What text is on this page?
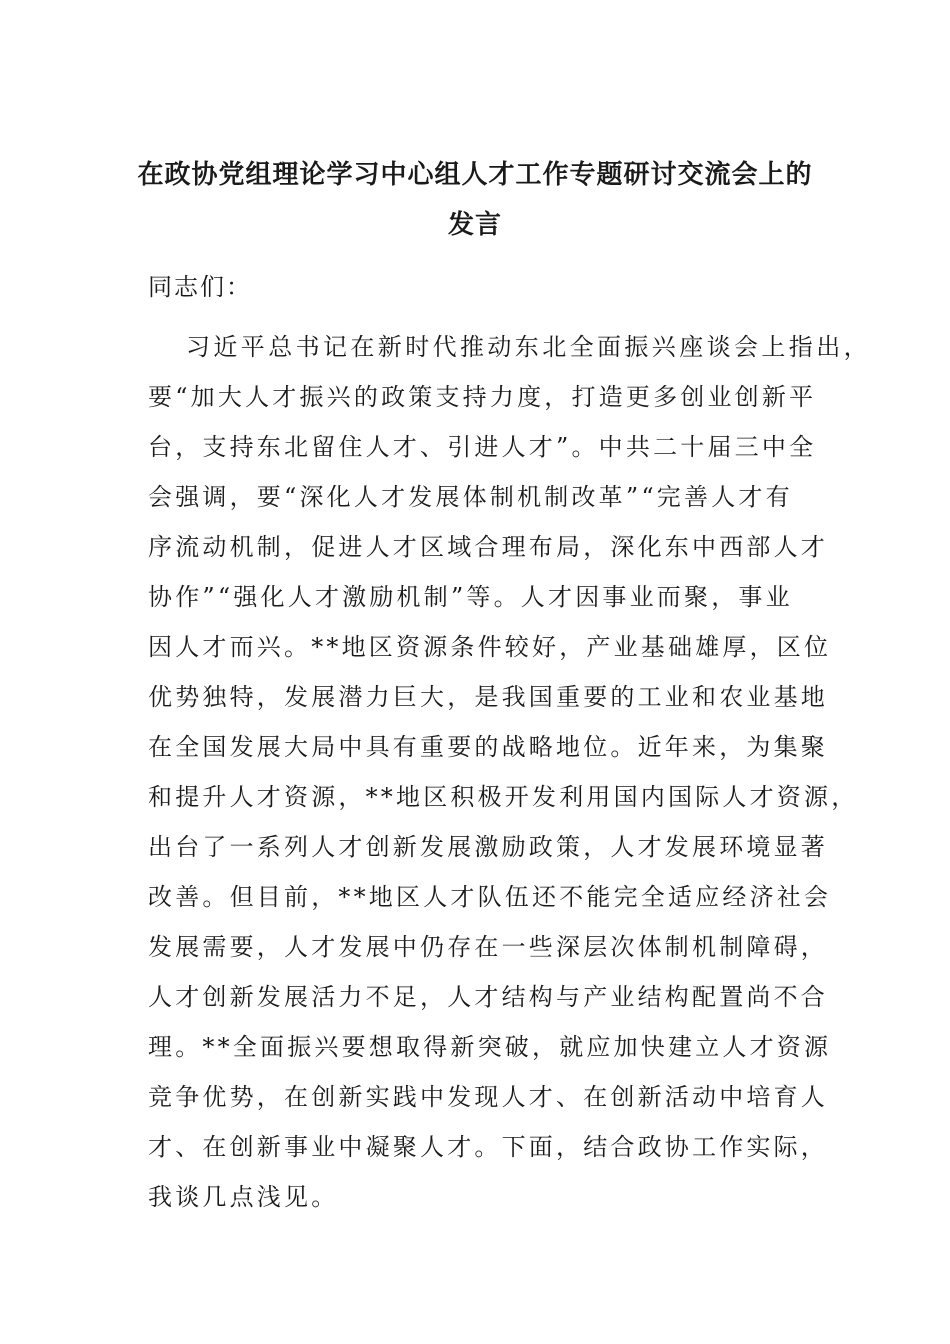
在政协党组理论学习中心组人才工作专题研讨交流会上的
发言
同志们：
习近平总书记在新时代推动东北全面振兴座谈会上指出，
要“加大人才振兴的政策支持力度，打造更多创业创新平
台，支持东北留住人才、引进人才”。中共二十届三中全
会强调，要“深化人才发展体制机制改革”“完善人才有
序流动机制，促进人才区域合理布局，深化东中西部人才
协作”“强化人才激励机制”等。人才因事业而聚，事业
因人才而兴。**地区资源条件较好，产业基础雄厚，区位
优势独特，发展潜力巨大，是我国重要的工业和农业基地
在全国发展大局中具有重要的战略地位。近年来，为集聚
和提升人才资源，**地区积极开发利用国内国际人才资源，
出台了一系列人才创新发展激励政策，人才发展环境显著
改善。但目前，**地区人才队伍还不能完全适应经济社会
发展需要，人才发展中仍存在一些深层次体制机制障碍，
人才创新发展活力不足，人才结构与产业结构配置尚不合
理。**全面振兴要想取得新突破，就应加快建立人才资源
竞争优势，在创新实践中发现人才、在创新活动中培育人
才、在创新事业中凝聚人才。下面，结合政协工作实际，
我谈几点浅见。
